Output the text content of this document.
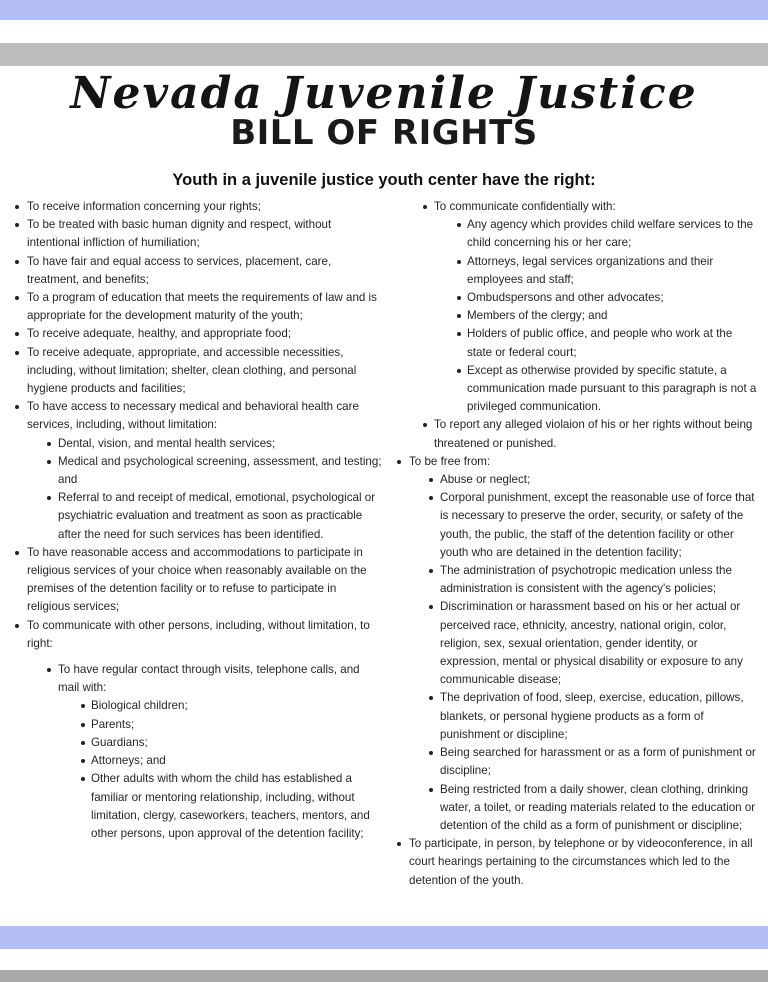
Nevada Juvenile Justice
BILL OF RIGHTS
Youth in a juvenile justice youth center have the right:
To receive information concerning your rights;
To be treated with basic human dignity and respect, without intentional infliction of humiliation;
To have fair and equal access to services, placement, care, treatment, and benefits;
To a program of education that meets the requirements of law and is appropriate for the development maturity of the youth;
To receive adequate, healthy, and appropriate food;
To receive adequate, appropriate, and accessible necessities, including, without limitation; shelter, clean clothing, and personal hygiene products and facilities;
To have access to necessary medical and behavioral health care services, including, without limitation:
Dental, vision, and mental health services;
Medical and psychological screening, assessment, and testing; and
Referral to and receipt of medical, emotional, psychological or psychiatric evaluation and treatment as soon as practicable after the need for such services has been identified.
To have reasonable access and accommodations to participate in religious services of your choice when reasonably available on the premises of the detention facility or to refuse to participate in religious services;
To communicate with other persons, including, without limitation, to right:
To have regular contact through visits, telephone calls, and mail with:
Biological children;
Parents;
Guardians;
Attorneys; and
Other adults with whom the child has established a familiar or mentoring relationship, including, without limitation, clergy, caseworkers, teachers, mentors, and other persons, upon approval of the detention facility;
To communicate confidentially with:
Any agency which provides child welfare services to the child concerning his or her care;
Attorneys, legal services organizations and their employees and staff;
Ombudspersons and other advocates;
Members of the clergy; and
Holders of public office, and people who work at the state or federal court;
Except as otherwise provided by specific statute, a communication made pursuant to this paragraph is not a privileged communication.
To report any alleged violaion of his or her rights without being threatened or punished.
To be free from:
Abuse or neglect;
Corporal punishment, except the reasonable use of force that is necessary to preserve the order, security, or safety of the youth, the public, the staff of the detention facility or other youth who are detained in the detention facility;
The administration of psychotropic medication unless the administration is consistent with the agency's policies;
Discrimination or harassment based on his or her actual or perceived race, ethnicity, ancestry, national origin, color, religion, sex, sexual orientation, gender identity, or expression, mental or physical disability or exposure to any communicable disease;
The deprivation of food, sleep, exercise, education, pillows, blankets, or personal hygiene products as a form of punishment or discipline;
Being searched for harassment or as a form of punishment or discipline;
Being restricted from a daily shower, clean clothing, drinking water, a toilet, or reading materials related to the education or detention of the child as a form of punishment or discipline;
To participate, in person, by telephone or by videoconference, in all court hearings pertaining to the circumstances which led to the detention of the youth.
